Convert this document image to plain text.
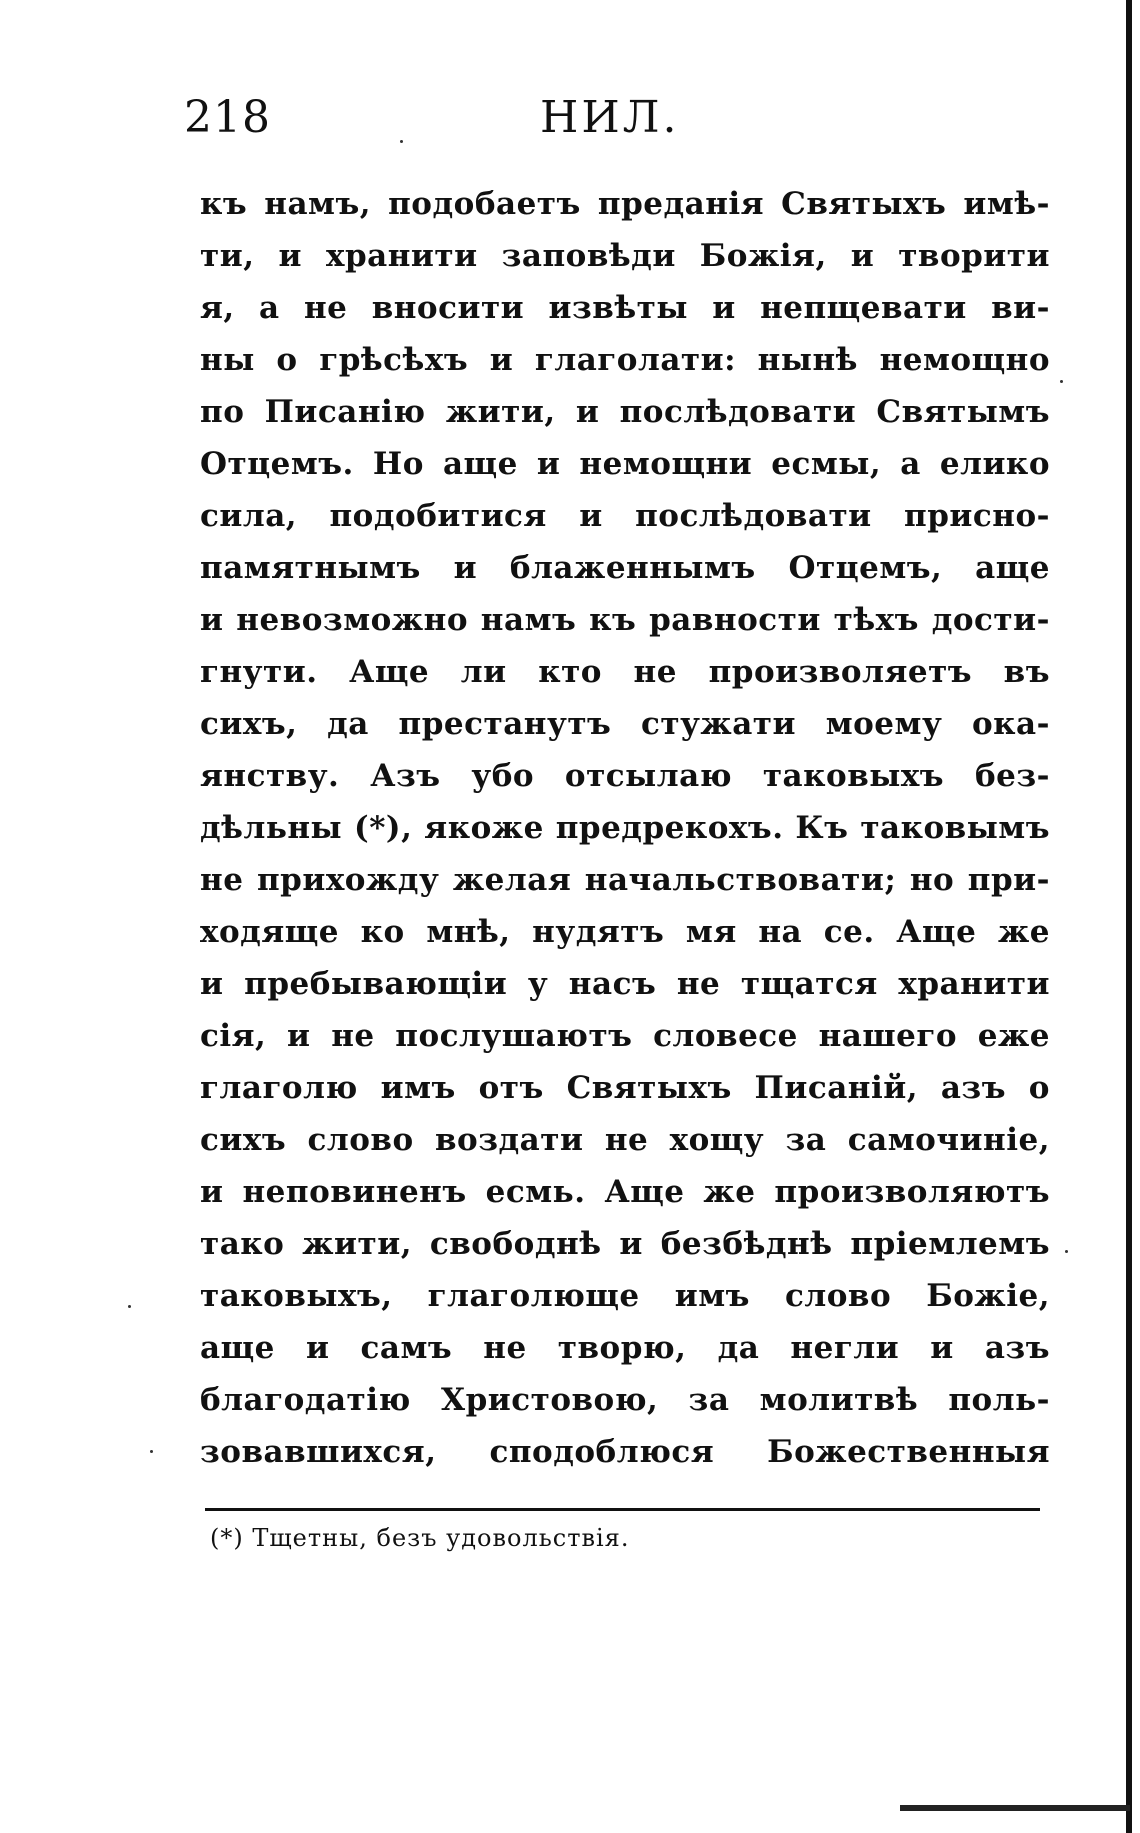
218	НИЛ.
къ намъ, подобаетъ преданія Святыхъ имѣ-
ти, и хранити заповѣди Божія, и творити
я, а не вносити извѣты и непщевати ви-
ны о грѣсѣхъ и глаголати: нынѣ немощно
по Писанію жити, и послѣдовати Святымъ
Отцемъ. Но аще и немощни есмы, а елико
сила, подобитися и послѣдовати присно-
памятнымъ и блаженнымъ Отцемъ, аще
и невозможно намъ къ равности тѣхъ дости-
гнути. Аще ли кто не произволяетъ въ
сихъ, да престанутъ стужати моему ока-
янству. Азъ убо отсылаю таковыхъ без-
дѣльны (*), якоже предрекохъ. Къ таковымъ
не прихожду желая начальствовати; но при-
ходяще ко мнѣ, нудятъ мя на се. Аще же
и пребывающіи у насъ не тщатся хранити
сія, и не послушаютъ словесе нашего еже
глаголю имъ отъ Святыхъ Писаній, азъ о
сихъ слово воздати не хощу за самочиніе,
и неповиненъ есмь. Аще же произволяютъ
тако жити, свободнѣ и безбѣднѣ пріемлемъ
таковыхъ, глаголюще имъ слово Божіе,
аще и самъ не творю, да негли и азъ
благодатію Христовою, за молитвѣ поль-
зовавшихся, сподоблюся Божественныя
(*) Тщетны, безъ удовольствія.
